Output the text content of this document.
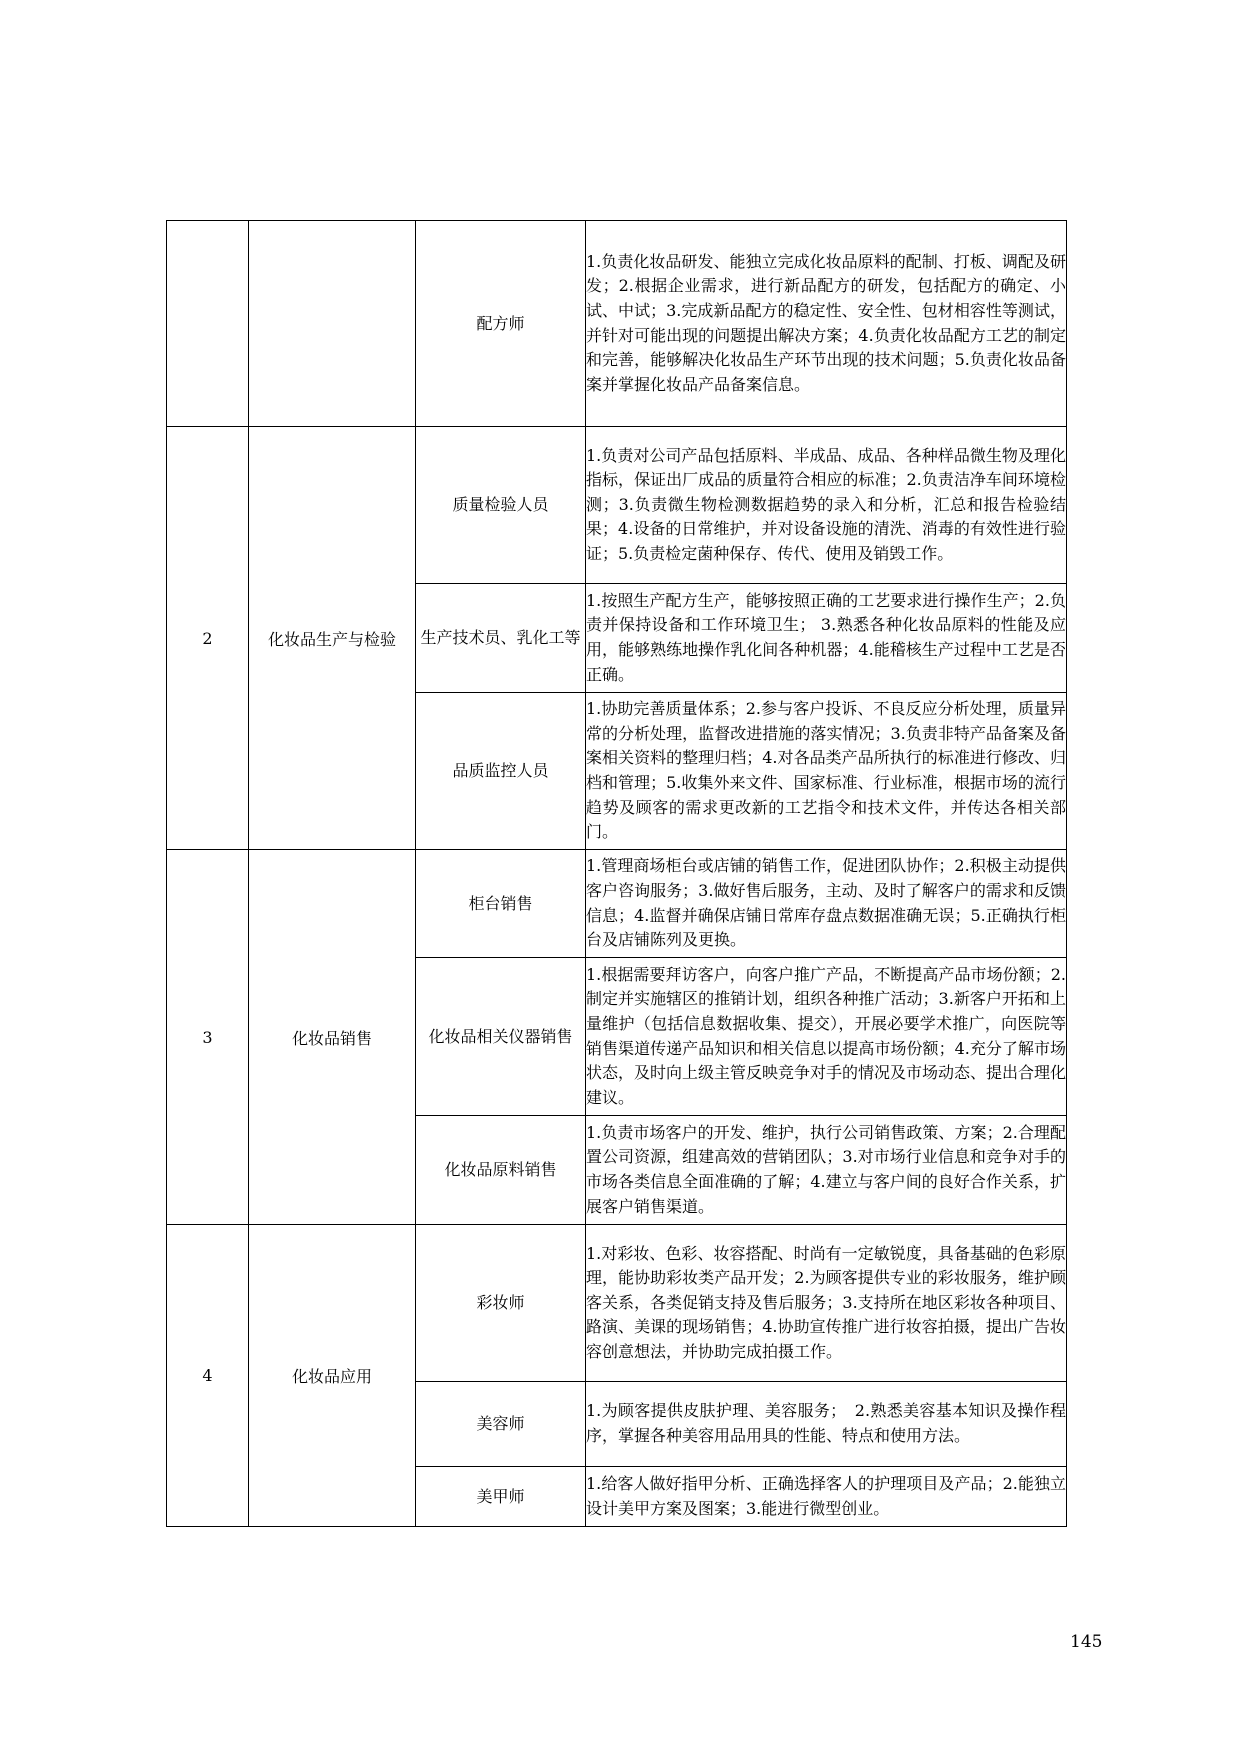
		配方师	1.负责化妆品研发、能独立完成化妆品原料的配制、打板、调配及研发；2.根据企业需求，进行新品配方的研发，包括配方的确定、小试、中试；3.完成新品配方的稳定性、安全性、包材相容性等测试，并针对可能出现的问题提出解决方案；4.负责化妆品配方工艺的制定和完善，能够解决化妆品生产环节出现的技术问题；5.负责化妆品备案并掌握化妆品产品备案信息。
2	化妆品生产与检验	质量检验人员	1.负责对公司产品包括原料、半成品、成品、各种样品微生物及理化指标，保证出厂成品的质量符合相应的标准；2.负责洁净车间环境检测；3.负责微生物检测数据趋势的录入和分析，汇总和报告检验结果；4.设备的日常维护，并对设备设施的清洗、消毒的有效性进行验证；5.负责检定菌种保存、传代、使用及销毁工作。
		生产技术员、乳化工等	1.按照生产配方生产，能够按照正确的工艺要求进行操作生产；2.负责并保持设备和工作环境卫生； 3.熟悉各种化妆品原料的性能及应用，能够熟练地操作乳化间各种机器；4.能稽核生产过程中工艺是否正确。
		品质监控人员	1.协助完善质量体系；2.参与客户投诉、不良反应分析处理，质量异常的分析处理，监督改进措施的落实情况；3.负责非特产品备案及备案相关资料的整理归档；4.对各品类产品所执行的标准进行修改、归档和管理；5.收集外来文件、国家标准、行业标准，根据市场的流行趋势及顾客的需求更改新的工艺指令和技术文件，并传达各相关部门。
3	化妆品销售	柜台销售	1.管理商场柜台或店铺的销售工作，促进团队协作；2.积极主动提供客户咨询服务；3.做好售后服务，主动、及时了解客户的需求和反馈信息；4.监督并确保店铺日常库存盘点数据准确无误；5.正确执行柜台及店铺陈列及更换。
		化妆品相关仪器销售	1.根据需要拜访客户，向客户推广产品，不断提高产品市场份额；2.制定并实施辖区的推销计划，组织各种推广活动；3.新客户开拓和上量维护（包括信息数据收集、提交），开展必要学术推广，向医院等销售渠道传递产品知识和相关信息以提高市场份额；4.充分了解市场状态，及时向上级主管反映竞争对手的情况及市场动态、提出合理化建议。
		化妆品原料销售	1.负责市场客户的开发、维护，执行公司销售政策、方案；2.合理配置公司资源，组建高效的营销团队；3.对市场行业信息和竞争对手的市场各类信息全面准确的了解；4.建立与客户间的良好合作关系，扩展客户销售渠道。
4	化妆品应用	彩妆师	1.对彩妆、色彩、妆容搭配、时尚有一定敏锐度，具备基础的色彩原理，能协助彩妆类产品开发；2.为顾客提供专业的彩妆服务，维护顾客关系，各类促销支持及售后服务；3.支持所在地区彩妆各种项目、路演、美课的现场销售；4.协助宣传推广进行妆容拍摄，提出广告妆容创意想法，并协助完成拍摄工作。
		美容师	1.为顾客提供皮肤护理、美容服务；　2.熟悉美容基本知识及操作程序，掌握各种美容用品用具的性能、特点和使用方法。
		美甲师	1.给客人做好指甲分析、正确选择客人的护理项目及产品；2.能独立设计美甲方案及图案；3.能进行微型创业。
145
